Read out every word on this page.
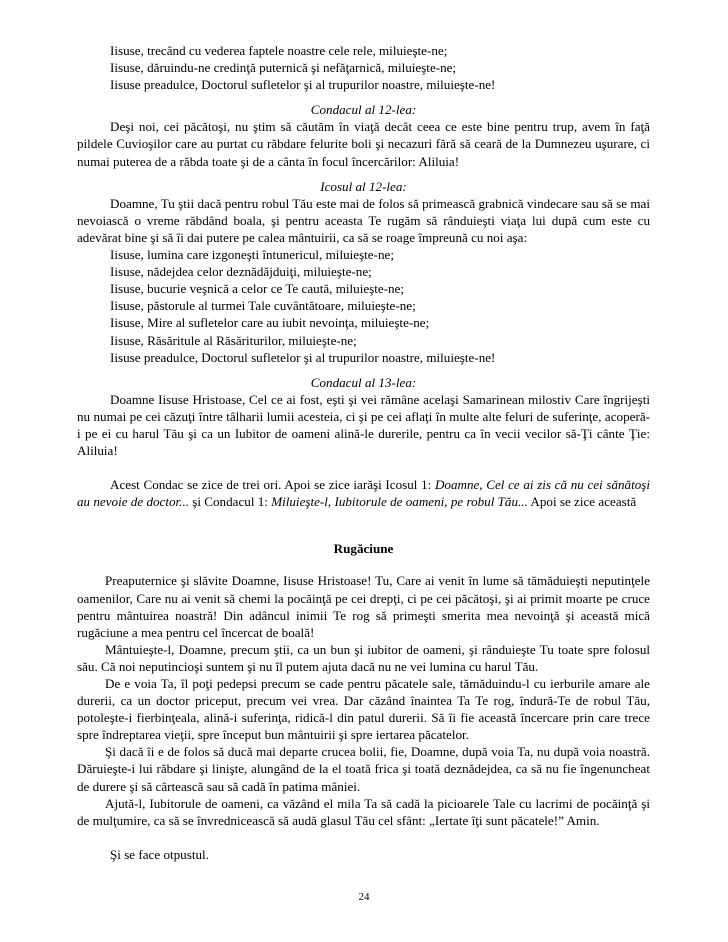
Iisuse, trecând cu vederea faptele noastre cele rele, miluieşte-ne;

Iisuse, dăruindu-ne credinţă puternică şi nefăţarnică, miluieşte-ne;

Iisuse preadulce, Doctorul sufletelor şi al trupurilor noastre, miluieşte-ne!

Condacul al 12-lea:

Deşi noi, cei păcătoşi, nu ştim să căutăm în viaţă decât ceea ce este bine pentru trup, avem în faţă pildele Cuvioşilor care au purtat cu răbdare felurite boli şi necazuri fără să ceară de la Dumnezeu uşurare, ci numai puterea de a răbda toate şi de a cânta în focul încercărilor: Aliluia!

Icosul al 12-lea:

Doamne, Tu ştii dacă pentru robul Tău este mai de folos să primească grabnică vindecare sau să se mai nevoiască o vreme răbdând boala, şi pentru aceasta Te rugăm să rânduieşti viaţa lui după cum este cu adevărat bine şi să îi dai putere pe calea mântuirii, ca să se roage împreună cu noi aşa:

Iisuse, lumina care izgoneşti întunericul, miluieşte-ne;

Iisuse, nădejdea celor deznădăjduiţi, miluieşte-ne;

Iisuse, bucurie veşnică a celor ce Te caută, miluieşte-ne;

Iisuse, păstorule al turmei Tale cuvântătoare, miluieşte-ne;

Iisuse, Mire al sufletelor care au iubit nevoinţa, miluieşte-ne;

Iisuse, Răsăritule al Răsăriturilor, miluieşte-ne;

Iisuse preadulce, Doctorul sufletelor şi al trupurilor noastre, miluieşte-ne!

Condacul al 13-lea:

Doamne Iisuse Hristoase, Cel ce ai fost, eşti şi vei rămâne acelaşi Samarinean milostiv Care îngrijeşti nu numai pe cei căzuţi între tâlharii lumii acesteia, ci şi pe cei aflaţi în multe alte feluri de suferinţe, acoperă-i pe ei cu harul Tău şi ca un Iubitor de oameni alină-le durerile, pentru ca în vecii vecilor să-Ţi cânte Ţie: Aliluia!

Acest Condac se zice de trei ori. Apoi se zice iarăşi Icosul 1: Doamne, Cel ce ai zis că nu cei sănătoşi au nevoie de doctor... şi Condacul 1: Miluieşte-l, Iubitorule de oameni, pe robul Tău... Apoi se zice această

Rugăciune

Preaputernice şi slăvite Doamne, Iisuse Hristoase! Tu, Care ai venit în lume să tămăduieşti neputinţele oamenilor, Care nu ai venit să chemi la pocăinţă pe cei drepţi, ci pe cei păcătoşi, şi ai primit moarte pe cruce pentru mântuirea noastră! Din adâncul inimii Te rog să primeşti smerita mea nevoinţă şi această mică rugăciune a mea pentru cel încercat de boală!

Mântuieşte-l, Doamne, precum ştii, ca un bun şi iubitor de oameni, şi rânduieşte Tu toate spre folosul său. Că noi neputincioşi suntem şi nu îl putem ajuta dacă nu ne vei lumina cu harul Tău.

De e voia Ta, îl poţi pedepsi precum se cade pentru păcatele sale, tămăduindu-l cu ierburile amare ale durerii, ca un doctor priceput, precum vei vrea. Dar căzând înaintea Ta Te rog, îndură-Te de robul Tău, potoleşte-i fierbinţeala, alină-i suferinţa, ridică-l din patul durerii. Să îi fie această încercare prin care trece spre îndreptarea vieţii, spre început bun mântuirii şi spre iertarea păcatelor.

Şi dacă îi e de folos să ducă mai departe crucea bolii, fie, Doamne, după voia Ta, nu după voia noastră. Dăruieşte-i lui răbdare şi linişte, alungând de la el toată frica şi toată deznădejdea, ca să nu fie îngenuncheat de durere şi să cârtească sau să cadă în patima mâniei.

Ajută-l, Iubitorule de oameni, ca văzând el mila Ta să cadă la picioarele Tale cu lacrimi de pocăinţă şi de mulţumire, ca să se învrednicească să audă glasul Tău cel sfânt: „Iertate îţi sunt păcatele!” Amin.

Şi se face otpustul.

24
